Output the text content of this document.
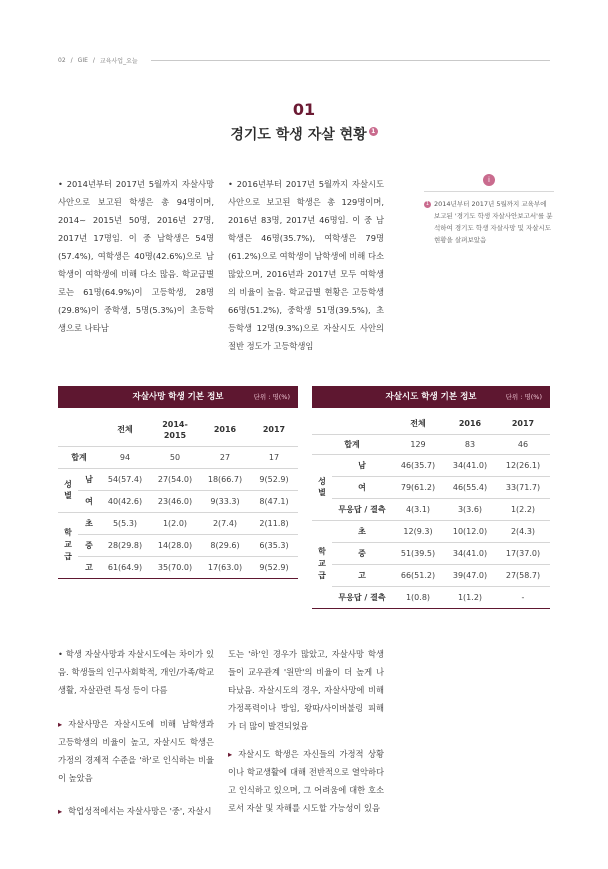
02 / GIE / 교육사업_요늘
01
경기도 학생 자살 현황 1
• 2014년부터 2017년 5월까지 자살사망 사안으로 보고된 학생은 총 94명이며, 2014~ 2015년 50명, 2016년 27명, 2017년 17명임. 이 중 남학생은 54명(57.4%), 여학생은 40명(42.6%)으로 남학생이 여학생에 비해 다소 많음. 학교급별로는 61명(64.9%)이 고등학생, 28명(29.8%)이 중학생, 5명(5.3%)이 초등학생으로 나타남
• 2016년부터 2017년 5월까지 자살시도 사안으로 보고된 학생은 총 129명이며, 2016년 83명, 2017년 46명임. 이 중 남학생은 46명(35.7%), 여학생은 79명(61.2%)으로 여학생이 남학생에 비해 다소 많았으며, 2016년과 2017년 모두 여학생의 비율이 높음. 학교급별 현황은 고등학생 66명(51.2%), 중학생 51명(39.5%), 초등학생 12명(9.3%)으로 자살시도 사안의 절반 정도가 고등학생임
i
1 2014년부터 2017년 5월까지 교육부에 보고된 '경기도 학생 자살사안보고서'를 분석하여 경기도 학생 자살사망 및 자살시도 현황을 살펴보았음
자살사망 학생 기본 정보	단위 : 명(%)
		전체	2014-2015	2016	2017
합계		94	50	27	17
성별	남	54(57.4)	27(54.0)	18(66.7)	9(52.9)
	여	40(42.6)	23(46.0)	9(33.3)	8(47.1)
학교급	초	5(5.3)	1(2.0)	2(7.4)	2(11.8)
	중	28(29.8)	14(28.0)	8(29.6)	6(35.3)
	고	61(64.9)	35(70.0)	17(63.0)	9(52.9)
자살시도 학생 기본 정보	단위 : 명(%)
		전체	2016	2017
합계		129	83	46
성별	남	46(35.7)	34(41.0)	12(26.1)
	여	79(61.2)	46(55.4)	33(71.7)
	무응답 / 결측	4(3.1)	3(3.6)	1(2.2)
학교급	초	12(9.3)	10(12.0)	2(4.3)
	중	51(39.5)	34(41.0)	17(37.0)
	고	66(51.2)	39(47.0)	27(58.7)
	무응답 / 결측	1(0.8)	1(1.2)	-
• 학생 자살사망과 자살시도에는 차이가 있음. 학생들의 인구사회학적, 개인/가족/학교생활, 자살관련 특성 등이 다름
▸ 자살사망은 자살시도에 비해 남학생과 고등학생의 비율이 높고, 자살시도 학생은 가정의 경제적 수준을 '하'로 인식하는 비율이 높았음
▸ 학업성적에서는 자살사망은 '중', 자살시
도는 '하'인 경우가 많았고, 자살사망 학생들이 교우관계 '원만'의 비율이 더 높게 나타났음. 자살시도의 경우, 자살사망에 비해 가정폭력이나 방임, 왕따/사이버불링 피해가 더 많이 발견되었음
▸ 자살시도 학생은 자신들의 가정적 상황이나 학교생활에 대해 전반적으로 열악하다고 인식하고 있으며, 그 어려움에 대한 호소로서 자살 및 자해를 시도할 가능성이 있음
